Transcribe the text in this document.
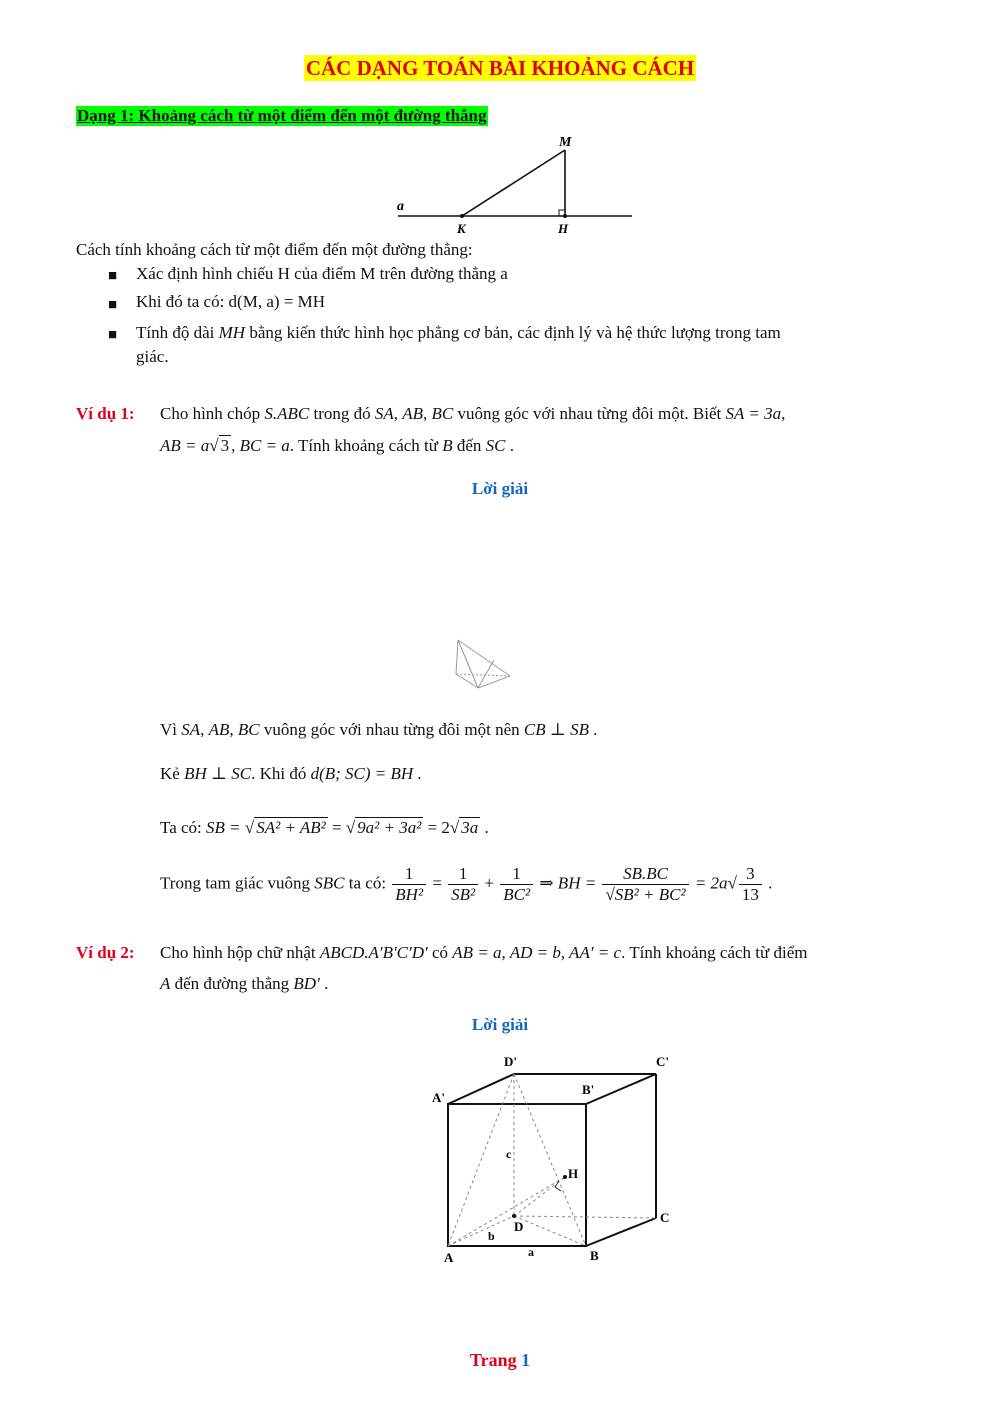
CÁC DẠNG TOÁN BÀI KHOẢNG CÁCH
Dạng 1: Khoảng cách từ một điểm đến một đường thẳng
M
a
K	H
Cách tính khoảng cách từ một điểm đến một đường thẳng:
■ Xác định hình chiếu H của điểm M trên đường thẳng a
■ Khi đó ta có: d(M, a) = MH
■ Tính độ dài MH bằng kiến thức hình học phẳng cơ bản, các định lý và hệ thức lượng trong tam
giác.
Ví dụ 1: Cho hình chóp S.ABC trong đó SA, AB, BC vuông góc với nhau từng đôi một. Biết SA = 3a,
AB = a√ 3 , BC = a. Tính khoảng cách từ B đến SC .
Lời giải
Vì SA, AB, BC vuông góc với nhau từng đôi một nên CB ⊥ SB .
Kẻ BH ⊥ SC. Khi đó d(B; SC) = BH .
Ta có: SB = √ SA² + AB² = √ 9a² + 3a² = 2√ 3a .
Trong tam giác vuông SBC ta có: $\frac{1}{\text{BH²}} = \frac{1}{\text{SB²}} + \frac{1}{\text{BC²}}$ ⇒ BH = $\frac{SB.BC}{\text{√SB² + BC²}} = 2a√ \frac{3}{13}$ .
Ví dụ 2: Cho hình hộp chữ nhật ABCD.A′B′C′D′ có AB = a, AD = b, AA′ = c. Tính khoảng cách từ điểm
A đến đường thẳng BD′ .
Lời giải
D'	C'
A'
B'
c
H
D
C
b
A	a	B
Trang 1
